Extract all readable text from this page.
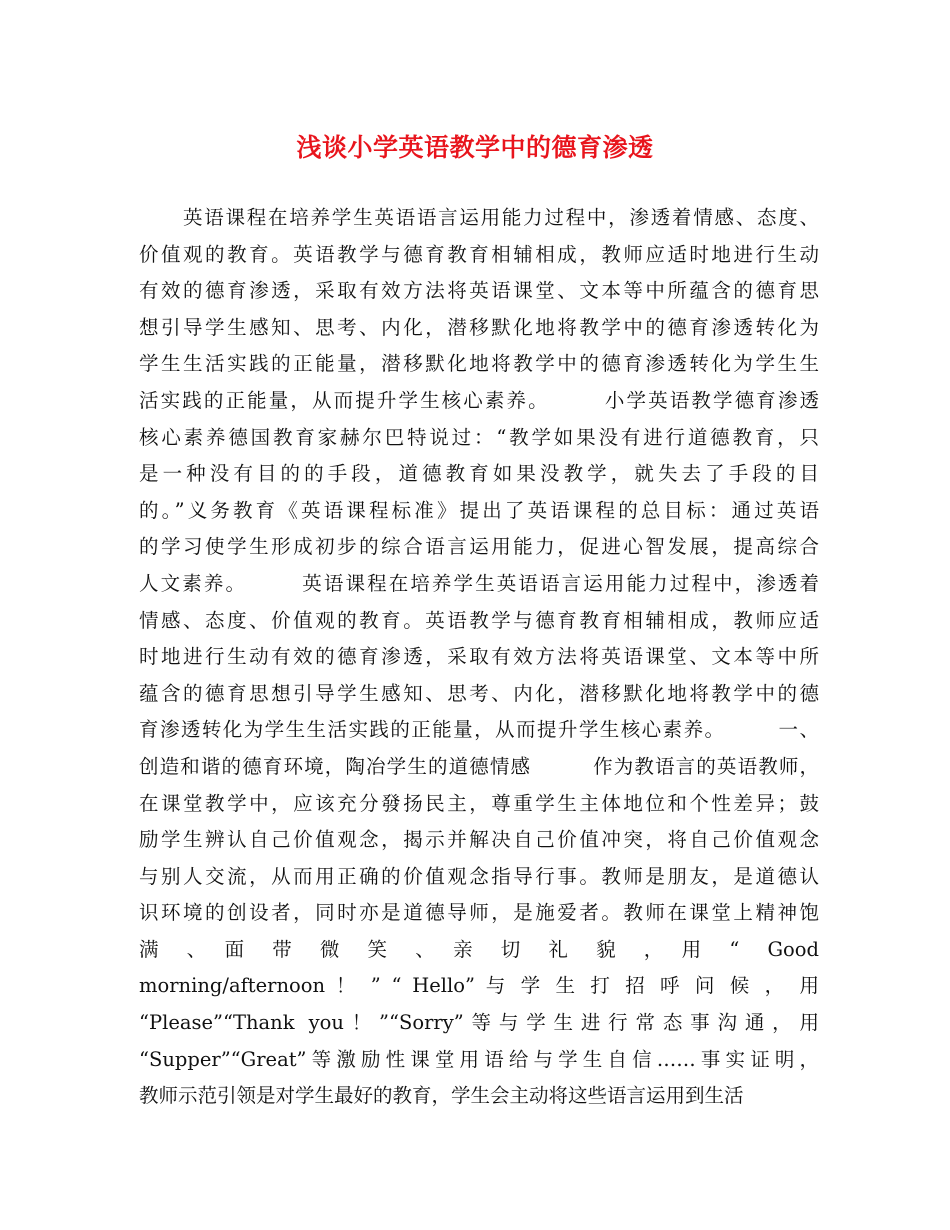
浅谈小学英语教学中的德育渗透
英语课程在培养学生英语语言运用能力过程中，渗透着情感、态度、
价值观的教育。英语教学与德育教育相辅相成，教师应适时地进行生动
有效的德育渗透，采取有效方法将英语课堂、文本等中所蕴含的德育思
想引导学生感知、思考、内化，潜移默化地将教学中的德育渗透转化为
学生生活实践的正能量，潜移默化地将教学中的德育渗透转化为学生生
活实践的正能量，从而提升学生核心素养。　　　小学英语教学德育渗透
核心素养德国教育家赫尔巴特说过：“教学如果没有进行道德教育，只
是一种没有目的的手段，道德教育如果没教学，就失去了手段的目
的。”义务教育《英语课程标准》提出了英语课程的总目标：通过英语
的学习使学生形成初步的综合语言运用能力，促进心智发展，提高综合
人文素养。　　　英语课程在培养学生英语语言运用能力过程中，渗透着
情感、态度、价值观的教育。英语教学与德育教育相辅相成，教师应适
时地进行生动有效的德育渗透，采取有效方法将英语课堂、文本等中所
蕴含的德育思想引导学生感知、思考、内化，潜移默化地将教学中的德
育渗透转化为学生生活实践的正能量，从而提升学生核心素养。　　　一、
创造和谐的德育环境，陶冶学生的道德情感　　　作为教语言的英语教师，
在课堂教学中，应该充分發扬民主，尊重学生主体地位和个性差异；鼓
励学生辨认自己价值观念，揭示并解决自己价值冲突，将自己价值观念
与别人交流，从而用正确的价值观念指导行事。教师是朋友，是道德认
识环境的创设者，同时亦是道德导师，是施爱者。教师在课堂上精神饱
满　、　面　带　微　笑　、　亲　切　礼　貌　，　用　“　Good
morning/afternoon ！ ” “ Hello” 与 学 生 打 招 呼 问 候 ， 用
“Please”“Thank you！”“Sorry”等与学生进行常态事沟通，用
“Supper”“Great”等激励性课堂用语给与学生自信……事实证明，
教师示范引领是对学生最好的教育，学生会主动将这些语言运用到生活
